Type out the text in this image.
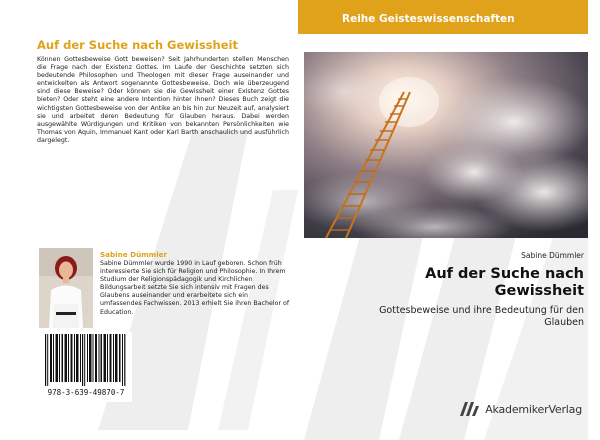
Auf der Suche nach Gewissheit
Können Gottesbeweise Gott beweisen? Seit Jahrhunderten stellen Menschen die Frage nach der Existenz Gottes. Im Laufe der Geschichte setzten sich bedeutende Philosophen und Theologen mit dieser Frage auseinander und entwickelten als Antwort sogenannte Gottesbeweise. Doch wie überzeugend sind diese Beweise? Oder können sie die Gewissheit einer Existenz Gottes bieten? Oder steht eine andere Intention hinter ihnen? Dieses Buch zeigt die wichtigsten Gottesbeweise von der Antike an bis hin zur Neuzeit auf, analysiert sie und arbeitet deren Bedeutung für Glauben heraus. Dabei werden ausgewählte Würdigungen und Kritiken von bekannten Persönlichkeiten wie Thomas von Aquin, Immanuel Kant oder Karl Barth anschaulich und ausführlich dargelegt.
Sabine Dümmler
Sabine Dümmler wurde 1990 in Lauf geboren. Schon früh interessierte Sie sich für Religion und Philosophie. In Ihrem Studium der Religionspädagogik und Kirchlichen Bildungsarbeit setzte Sie sich intensiv mit Fragen des Glaubens auseinander und erarbeitete sich ein umfassendes Fachwissen. 2013 erhielt Sie ihren Bachelor of Education.
978-3-639-49870-7
Reihe Geisteswissenschaften
Sabine Dümmler
Auf der Suche nach Gewissheit
Gottesbeweise und ihre Bedeutung für den Glauben
AkademikerVerlag
